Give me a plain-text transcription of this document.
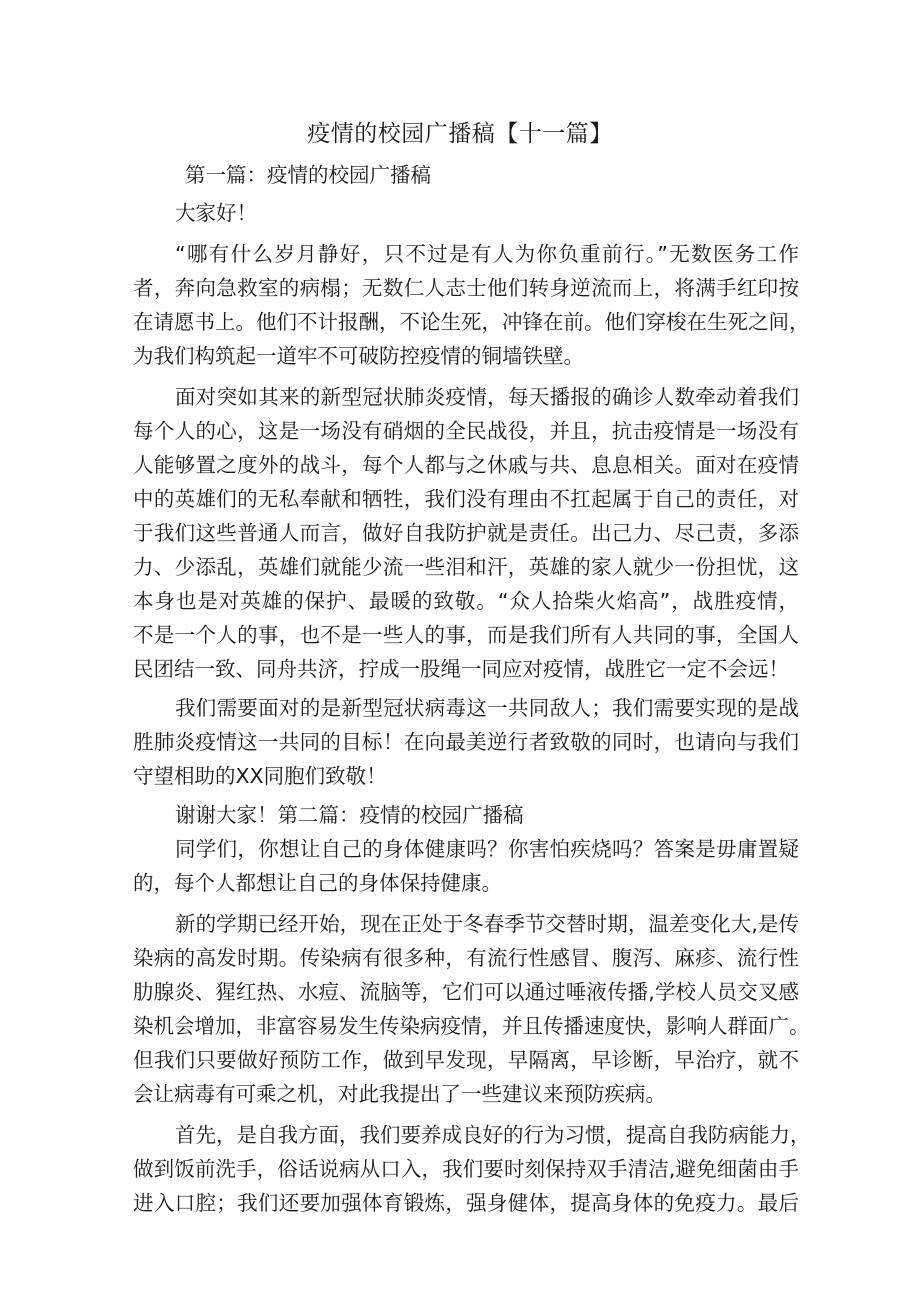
疫情的校园广播稿【十一篇】
第一篇：疫情的校园广播稿
大家好！
“哪有什么岁月静好，只不过是有人为你负重前行。”无数医务工作
者，奔向急救室的病榻；无数仁人志士他们转身逆流而上，将满手红印按
在请愿书上。他们不计报酬，不论生死，冲锋在前。他们穿梭在生死之间，
为我们构筑起一道牢不可破防控疫情的铜墙铁壁。
面对突如其来的新型冠状肺炎疫情，每天播报的确诊人数牵动着我们
每个人的心，这是一场没有硝烟的全民战役，并且，抗击疫情是一场没有
人能够置之度外的战斗，每个人都与之休戚与共、息息相关。面对在疫情
中的英雄们的无私奉献和牺牲，我们没有理由不扛起属于自己的责任，对
于我们这些普通人而言，做好自我防护就是责任。出己力、尽己责，多添
力、少添乱，英雄们就能少流一些泪和汗，英雄的家人就少一份担忧，这
本身也是对英雄的保护、最暖的致敬。“众人拾柴火焰高”，战胜疫情，
不是一个人的事，也不是一些人的事，而是我们所有人共同的事，全国人
民团结一致、同舟共济，拧成一股绳一同应对疫情，战胜它一定不会远！
我们需要面对的是新型冠状病毒这一共同敌人；我们需要实现的是战
胜肺炎疫情这一共同的目标！在向最美逆行者致敬的同时，也请向与我们
守望相助的XX同胞们致敬！
谢谢大家！第二篇：疫情的校园广播稿
同学们，你想让自己的身体健康吗？你害怕疾烧吗？答案是毋庸置疑
的，每个人都想让自己的身体保持健康。
新的学期已经开始，现在正处于冬春季节交替时期，温差变化大,是传
染病的高发时期。传染病有很多种，有流行性感冒、腹泻、麻疹、流行性
肋腺炎、猩红热、水痘、流脑等，它们可以通过唾液传播,学校人员交叉感
染机会增加，非富容易发生传染病疫情，并且传播速度快，影响人群面广。
但我们只要做好预防工作，做到早发现，早隔离，早诊断，早治疗，就不
会让病毒有可乘之机，对此我提出了一些建议来预防疾病。
首先，是自我方面，我们要养成良好的行为习惯，提高自我防病能力，
做到饭前洗手，俗话说病从口入，我们要时刻保持双手清洁,避免细菌由手
进入口腔；我们还要加强体育锻炼，强身健体，提高身体的免疫力。最后
